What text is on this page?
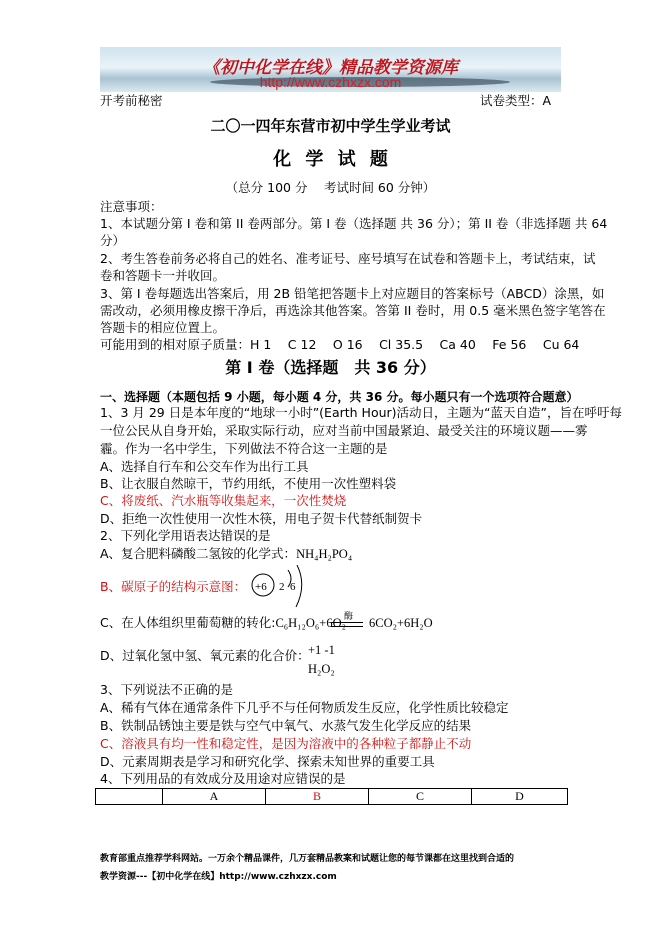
《初中化学在线》精品教学资源库
http://www.czhxzx.com
开考前秘密	试卷类型：A
二〇一四年东营市初中学生学业考试
化 学 试 题
（总分 100 分　 考试时间 60 分钟）
注意事项：
1、本试题分第 I 卷和第 II 卷两部分。第 I 卷（选择题 共 36 分）；第 II 卷（非选择题 共 64
分）
2、考生答卷前务必将自己的姓名、准考证号、座号填写在试卷和答题卡上，考试结束，试
卷和答题卡一并收回。
3、第 I 卷每题选出答案后，用 2B 铅笔把答题卡上对应题目的答案标号（ABCD）涂黑，如
需改动，必须用橡皮擦干净后，再选涂其他答案。答第 II 卷时，用 0.5 毫米黑色签字笔答在
答题卡的相应位置上。
可能用到的相对原子质量：H 1　 C 12　 O 16　 Cl 35.5　 Ca 40　 Fe 56　 Cu 64
第 I 卷（选择题　共 36 分）
一、选择题（本题包括 9 小题，每小题 4 分，共 36 分。每小题只有一个选项符合题意）
1、3 月 29 日是本年度的“地球一小时”(Earth Hour)活动日，主题为“蓝天自造”，旨在呼吁每
一位公民从自身开始，采取实际行动，应对当前中国最紧迫、最受关注的环境议题——雾
霾。作为一名中学生，下列做法不符合这一主题的是
A、选择自行车和公交车作为出行工具
B、让衣服自然晾干，节约用纸，不使用一次性塑料袋
C、将废纸、汽水瓶等收集起来，一次性焚烧
D、拒绝一次性使用一次性木筷，用电子贺卡代替纸制贺卡
2、下列化学用语表达错误的是
A、复合肥料磷酸二氢铵的化学式：NH₄H₂PO₄
B、碳原子的结构示意图： +6 2 6
C、在人体组织里葡萄糖的转化:C₆H₁₂O₆+6O₂
酶	6CO₂+6H₂O
D、过氧化氢中氢、氧元素的化合价：
+1 -1
H₂O₂
3、下列说法不正确的是
A、稀有气体在通常条件下几乎不与任何物质发生反应，化学性质比较稳定
B、铁制品锈蚀主要是铁与空气中氧气、水蒸气发生化学反应的结果
C、溶液具有均一性和稳定性，是因为溶液中的各种粒子都静止不动
D、元素周期表是学习和研究化学、探索未知世界的重要工具
4、下列用品的有效成分及用途对应错误的是
	A	B	C	D
教育部重点推荐学科网站。一万余个精品课件，几万套精品教案和试题让您的每节课都在这里找到合适的
教学资源---【初中化学在线】http://www.czhxzx.com
